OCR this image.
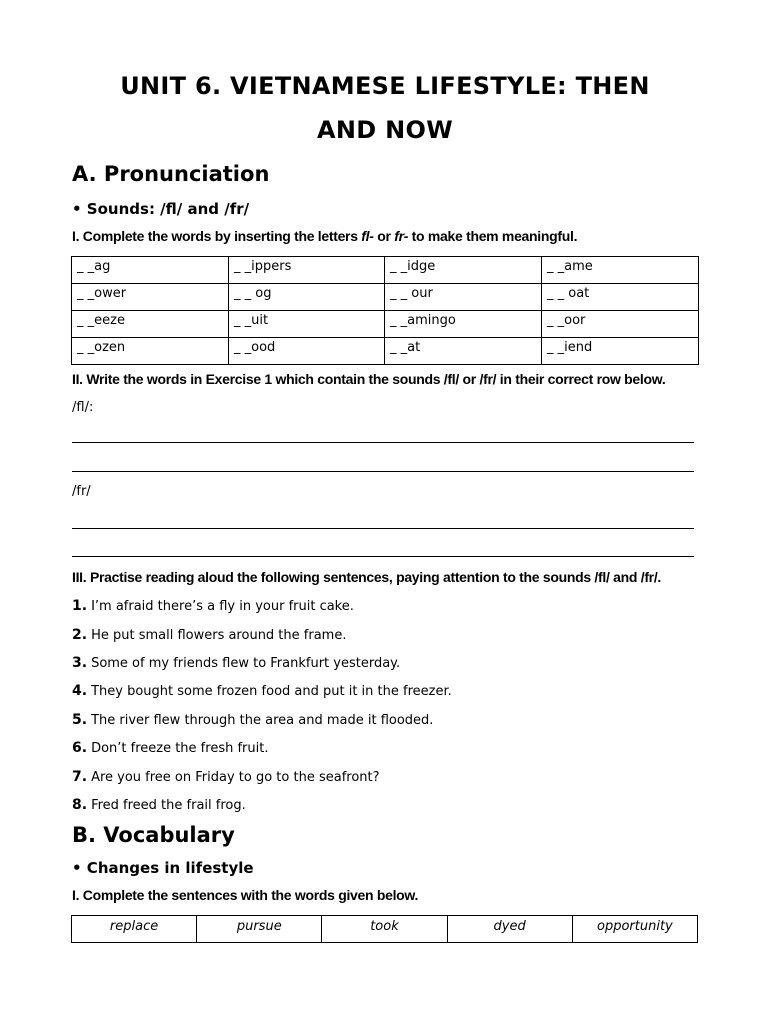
UNIT 6. VIETNAMESE LIFESTYLE: THEN
AND NOW
A. Pronunciation
• Sounds: /fl/ and /fr/
I. Complete the words by inserting the letters fl- or fr- to make them meaningful.
_ _ag	_ _ippers	_ _idge	_ _ame
_ _ower	_ _ og	_ _ our	_ _ oat
_ _eeze	_ _uit	_ _amingo	_ _oor
_ _ozen	_ _ood	_ _at	_ _iend
II. Write the words in Exercise 1 which contain the sounds /fl/ or /fr/ in their correct row below.
/fl/:
/fr/
III. Practise reading aloud the following sentences, paying attention to the sounds /fl/ and /fr/.
1. I’m afraid there’s a fly in your fruit cake.
2. He put small flowers around the frame.
3. Some of my friends flew to Frankfurt yesterday.
4. They bought some frozen food and put it in the freezer.
5. The river flew through the area and made it flooded.
6. Don’t freeze the fresh fruit.
7. Are you free on Friday to go to the seafront?
8. Fred freed the frail frog.
B. Vocabulary
• Changes in lifestyle
I. Complete the sentences with the words given below.
replace	pursue	took	dyed	opportunity
